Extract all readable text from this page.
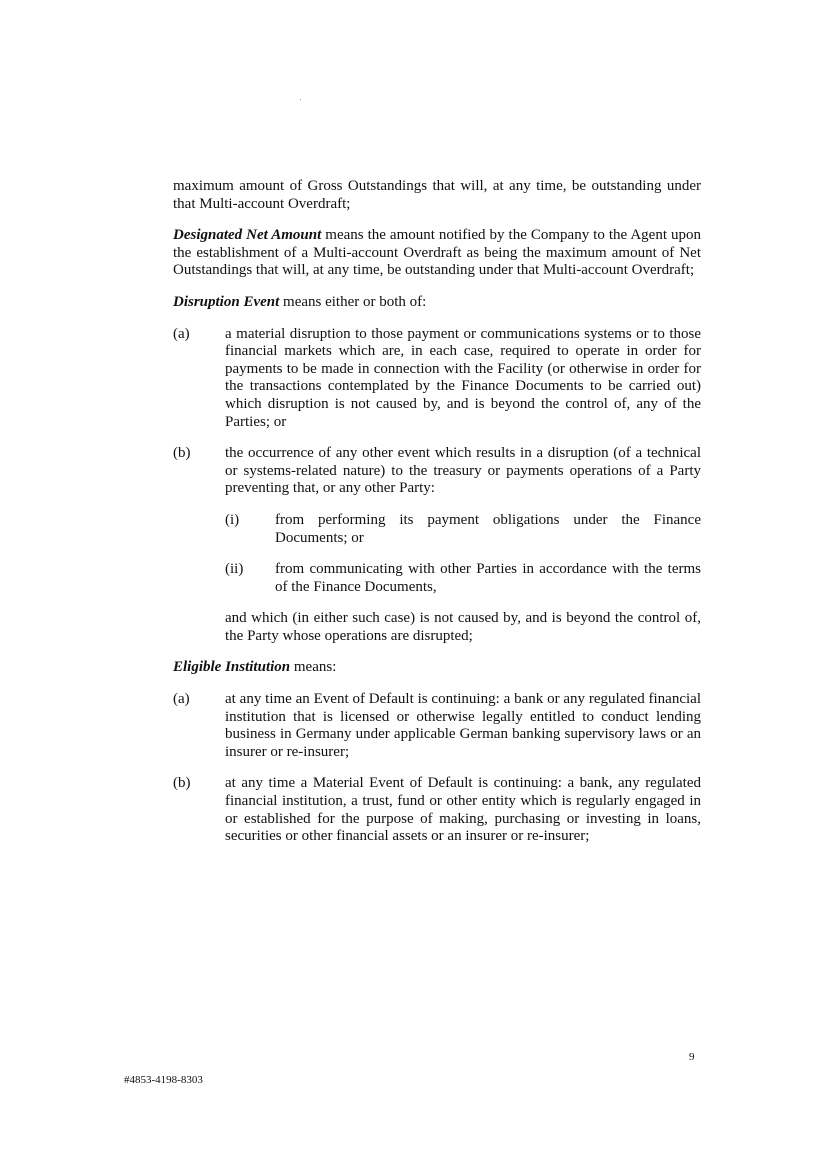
maximum amount of Gross Outstandings that will, at any time, be outstanding under that Multi-account Overdraft;

Designated Net Amount means the amount notified by the Company to the Agent upon the establishment of a Multi-account Overdraft as being the maximum amount of Net Outstandings that will, at any time, be outstanding under that Multi-account Overdraft;

Disruption Event means either or both of:

(a)	a material disruption to those payment or communications systems or to those financial markets which are, in each case, required to operate in order for payments to be made in connection with the Facility (or otherwise in order for the transactions contemplated by the Finance Documents to be carried out) which disruption is not caused by, and is beyond the control of, any of the Parties; or
(b)	the occurrence of any other event which results in a disruption (of a technical or systems-related nature) to the treasury or payments operations of a Party preventing that, or any other Party:
(i)	from performing its payment obligations under the Finance Documents; or
(ii)	from communicating with other Parties in accordance with the terms of the Finance Documents,

and which (in either such case) is not caused by, and is beyond the control of, the Party whose operations are disrupted;

Eligible Institution means:

(a)	at any time an Event of Default is continuing: a bank or any regulated financial institution that is licensed or otherwise legally entitled to conduct lending business in Germany under applicable German banking supervisory laws or an insurer or re-insurer;
(b)	at any time a Material Event of Default is continuing: a bank, any regulated financial institution, a trust, fund or other entity which is regularly engaged in or established for the purpose of making, purchasing or investing in loans, securities or other financial assets or an insurer or re-insurer;
9
#4853-4198-8303
